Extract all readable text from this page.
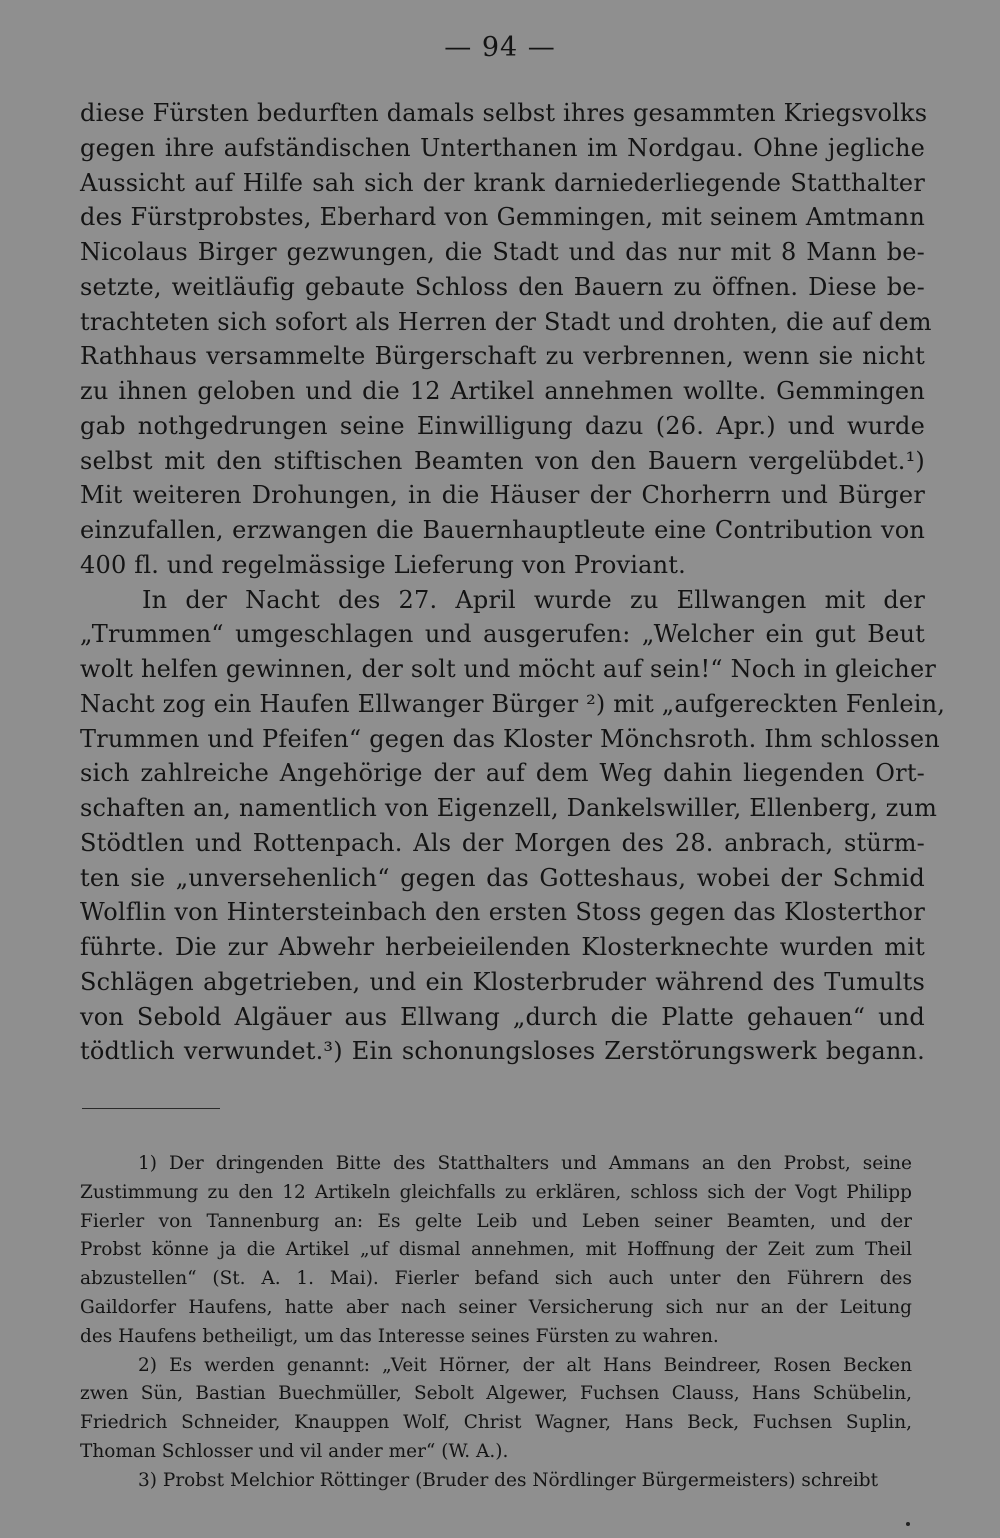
— 94 —
diese Fürsten bedurften damals selbst ihres gesammten Kriegsvolks
gegen ihre aufständischen Unterthanen im Nordgau. Ohne jegliche
Aussicht auf Hilfe sah sich der krank darniederliegende Statthalter
des Fürstprobstes, Eberhard von Gemmingen, mit seinem Amtmann
Nicolaus Birger gezwungen, die Stadt und das nur mit 8 Mann be-
setzte, weitläufig gebaute Schloss den Bauern zu öffnen. Diese be-
trachteten sich sofort als Herren der Stadt und drohten, die auf dem
Rathhaus versammelte Bürgerschaft zu verbrennen, wenn sie nicht
zu ihnen geloben und die 12 Artikel annehmen wollte. Gemmingen
gab nothgedrungen seine Einwilligung dazu (26. Apr.) und wurde
selbst mit den stiftischen Beamten von den Bauern vergelübdet.¹)
Mit weiteren Drohungen, in die Häuser der Chorherrn und Bürger
einzufallen, erzwangen die Bauernhauptleute eine Contribution von
400 fl. und regelmässige Lieferung von Proviant.
In der Nacht des 27. April wurde zu Ellwangen mit der
„Trummen“ umgeschlagen und ausgerufen: „Welcher ein gut Beut
wolt helfen gewinnen, der solt und möcht auf sein!“ Noch in gleicher
Nacht zog ein Haufen Ellwanger Bürger ²) mit „aufgereckten Fenlein,
Trummen und Pfeifen“ gegen das Kloster Mönchsroth. Ihm schlossen
sich zahlreiche Angehörige der auf dem Weg dahin liegenden Ort-
schaften an, namentlich von Eigenzell, Dankelswiller, Ellenberg, zum
Stödtlen und Rottenpach. Als der Morgen des 28. anbrach, stürm-
ten sie „unversehenlich“ gegen das Gotteshaus, wobei der Schmid
Wolflin von Hintersteinbach den ersten Stoss gegen das Klosterthor
führte. Die zur Abwehr herbeieilenden Klosterknechte wurden mit
Schlägen abgetrieben, und ein Klosterbruder während des Tumults
von Sebold Algäuer aus Ellwang „durch die Platte gehauen“ und
tödtlich verwundet.³) Ein schonungsloses Zerstörungswerk begann.
1) Der dringenden Bitte des Statthalters und Ammans an den Probst, seine
Zustimmung zu den 12 Artikeln gleichfalls zu erklären, schloss sich der Vogt Philipp
Fierler von Tannenburg an: Es gelte Leib und Leben seiner Beamten, und der
Probst könne ja die Artikel „uf dismal annehmen, mit Hoffnung der Zeit zum Theil
abzustellen“ (St. A. 1. Mai). Fierler befand sich auch unter den Führern des
Gaildorfer Haufens, hatte aber nach seiner Versicherung sich nur an der Leitung
des Haufens betheiligt, um das Interesse seines Fürsten zu wahren.
2) Es werden genannt: „Veit Hörner, der alt Hans Beindreer, Rosen Becken
zwen Sün, Bastian Buechmüller, Sebolt Algewer, Fuchsen Clauss, Hans Schübelin,
Friedrich Schneider, Knauppen Wolf, Christ Wagner, Hans Beck, Fuchsen Suplin,
Thoman Schlosser und vil ander mer“ (W. A.).
3) Probst Melchior Röttinger (Bruder des Nördlinger Bürgermeisters) schreibt
